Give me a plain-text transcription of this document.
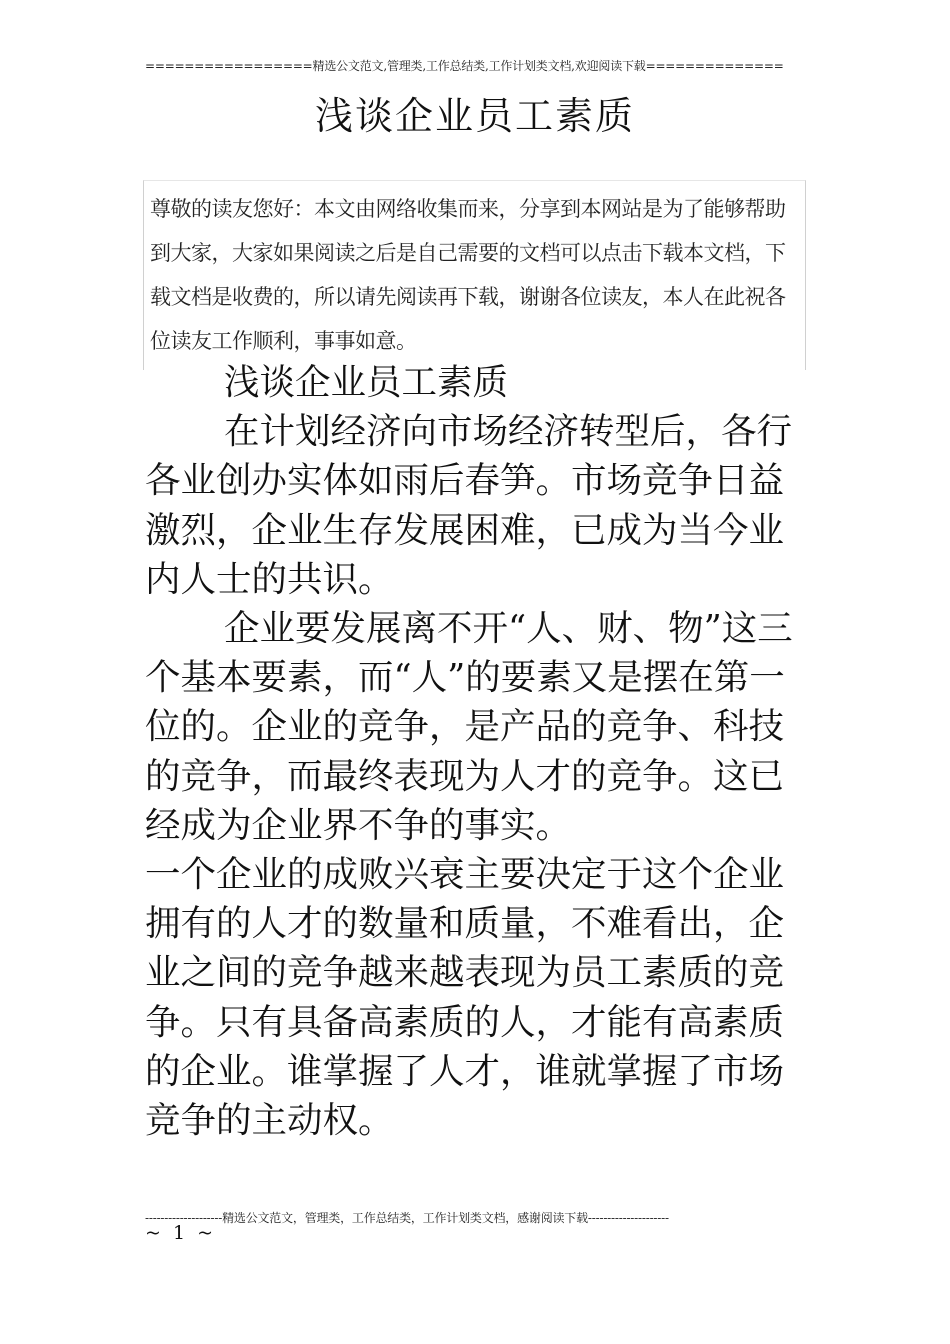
=================精选公文范文,管理类,工作总结类,工作计划类文档,欢迎阅读下载==============
浅谈企业员工素质

尊敬的读友您好：本文由网络收集而来，分享到本网站是为了能够帮助到大家，大家如果阅读之后是自己需要的文档可以点击下载本文档，下载文档是收费的，所以请先阅读再下载，谢谢各位读友，本人在此祝各位读友工作顺利，事事如意。

浅谈企业员工素质

在计划经济向市场经济转型后，各行各业创办实体如雨后春笋。市场竞争日益激烈，企业生存发展困难，已成为当今业内人士的共识。

企业要发展离不开“人、财、物”这三个基本要素，而“人”的要素又是摆在第一位的。企业的竞争，是产品的竞争、科技的竞争，而最终表现为人才的竞争。这已经成为企业界不争的事实。

一个企业的成败兴衰主要决定于这个企业拥有的人才的数量和质量，不难看出，企业之间的竞争越来越表现为员工素质的竞争。只有具备高素质的人，才能有高素质的企业。谁掌握了人才，谁就掌握了市场竞争的主动权。

--------------------精选公文范文，管理类，工作总结类，工作计划类文档，感谢阅读下载---------------------
~ 1 ~
